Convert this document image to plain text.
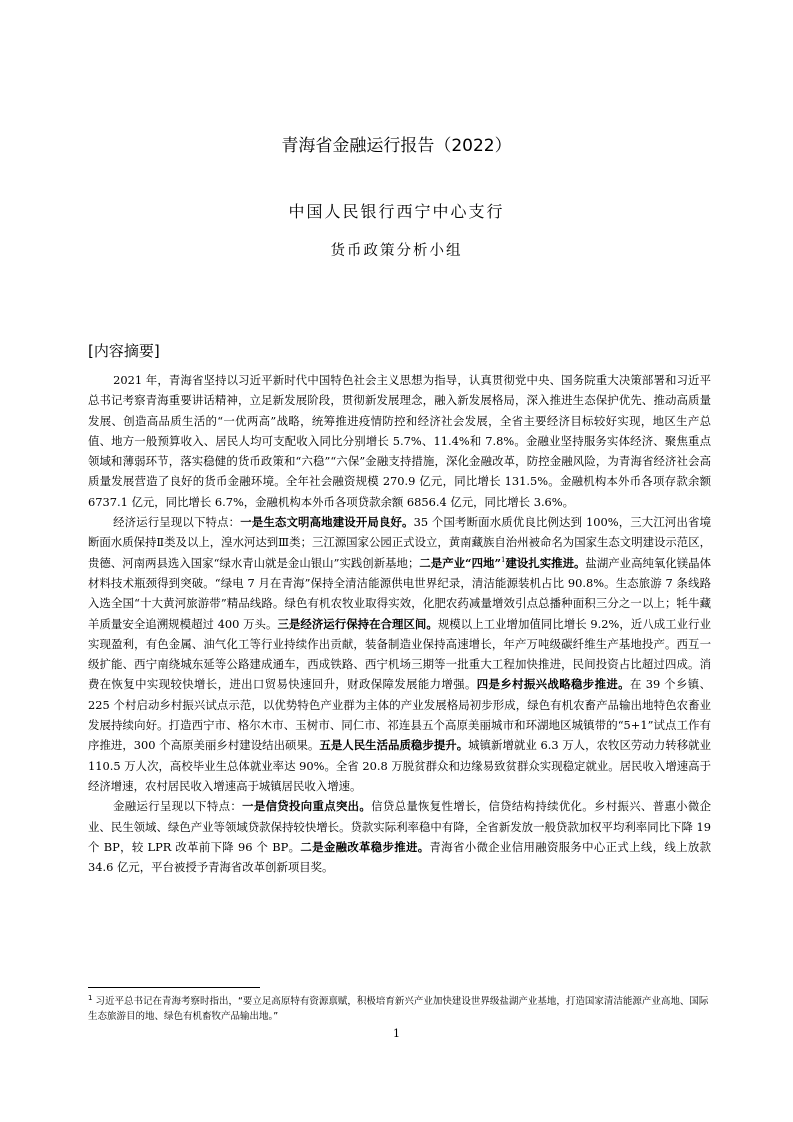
青海省金融运行报告（2022）
中国人民银行西宁中心支行
货币政策分析小组
[内容摘要]

2021 年，青海省坚持以习近平新时代中国特色社会主义思想为指导，认真贯彻党中央、国务院重大决策部署和习近平总书记考察青海重要讲话精神，立足新发展阶段，贯彻新发展理念，融入新发展格局，深入推进生态保护优先、推动高质量发展、创造高品质生活的“一优两高”战略，统筹推进疫情防控和经济社会发展，全省主要经济目标较好实现，地区生产总值、地方一般预算收入、居民人均可支配收入同比分别增长 5.7%、11.4%和 7.8%。金融业坚持服务实体经济、聚焦重点领域和薄弱环节，落实稳健的货币政策和“六稳”“六保”金融支持措施，深化金融改革，防控金融风险，为青海省经济社会高质量发展营造了良好的货币金融环境。全年社会融资规模 270.9 亿元，同比增长 131.5%。金融机构本外币各项存款余额 6737.1 亿元，同比增长 6.7%，金融机构本外币各项贷款余额 6856.4 亿元，同比增长 3.6%。

经济运行呈现以下特点：一是生态文明高地建设开局良好。35 个国考断面水质优良比例达到 100%，三大江河出省境断面水质保持Ⅱ类及以上，湟水河达到Ⅲ类；三江源国家公园正式设立，黄南藏族自治州被命名为国家生态文明建设示范区，贵德、河南两县选入国家“绿水青山就是金山银山”实践创新基地；二是产业“四地”$^1$建设扎实推进。盐湖产业高纯氧化镁晶体材料技术瓶颈得到突破。“绿电 7 月在青海”保持全清洁能源供电世界纪录，清洁能源装机占比 90.8%。生态旅游 7 条线路入选全国“十大黄河旅游带”精品线路。绿色有机农牧业取得实效，化肥农药减量增效引点总播种面积三分之一以上；牦牛藏羊质量安全追溯规模超过 400 万头。三是经济运行保持在合理区间。规模以上工业增加值同比增长 9.2%，近八成工业行业实现盈利，有色金属、油气化工等行业持续作出贡献，装备制造业保持高速增长，年产万吨级碳纤维生产基地投产。西互一级扩能、西宁南绕城东延等公路建成通车，西成铁路、西宁机场三期等一批重大工程加快推进，民间投资占比超过四成。消费在恢复中实现较快增长，进出口贸易快速回升，财政保障发展能力增强。四是乡村振兴战略稳步推进。在 39 个乡镇、225 个村启动乡村振兴试点示范，以优势特色产业群为主体的产业发展格局初步形成，绿色有机农畜产品输出地特色农畜业发展持续向好。打造西宁市、格尔木市、玉树市、同仁市、祁连县五个高原美丽城市和环湖地区城镇带的“5+1”试点工作有序推进，300 个高原美丽乡村建设结出硕果。五是人民生活品质稳步提升。城镇新增就业 6.3 万人，农牧区劳动力转移就业 110.5 万人次，高校毕业生总体就业率达 90%。全省 20.8 万脱贫群众和边缘易致贫群众实现稳定就业。居民收入增速高于经济增速，农村居民收入增速高于城镇居民收入增速。

金融运行呈现以下特点：一是信贷投向重点突出。信贷总量恢复性增长，信贷结构持续优化。乡村振兴、普惠小微企业、民生领域、绿色产业等领域贷款保持较快增长。贷款实际利率稳中有降，全省新发放一般贷款加权平均利率同比下降 19 个 BP，较 LPR 改革前下降 96 个 BP。二是金融改革稳步推进。青海省小微企业信用融资服务中心正式上线，线上放款 34.6 亿元，平台被授予青海省改革创新项目奖。

$^1$ 习近平总书记在青海考察时指出，“要立足高原特有资源禀赋，积极培育新兴产业加快建设世界级盐湖产业基地，打造国家清洁能源产业高地、国际生态旅游目的地、绿色有机畜牧产品输出地。”
1
